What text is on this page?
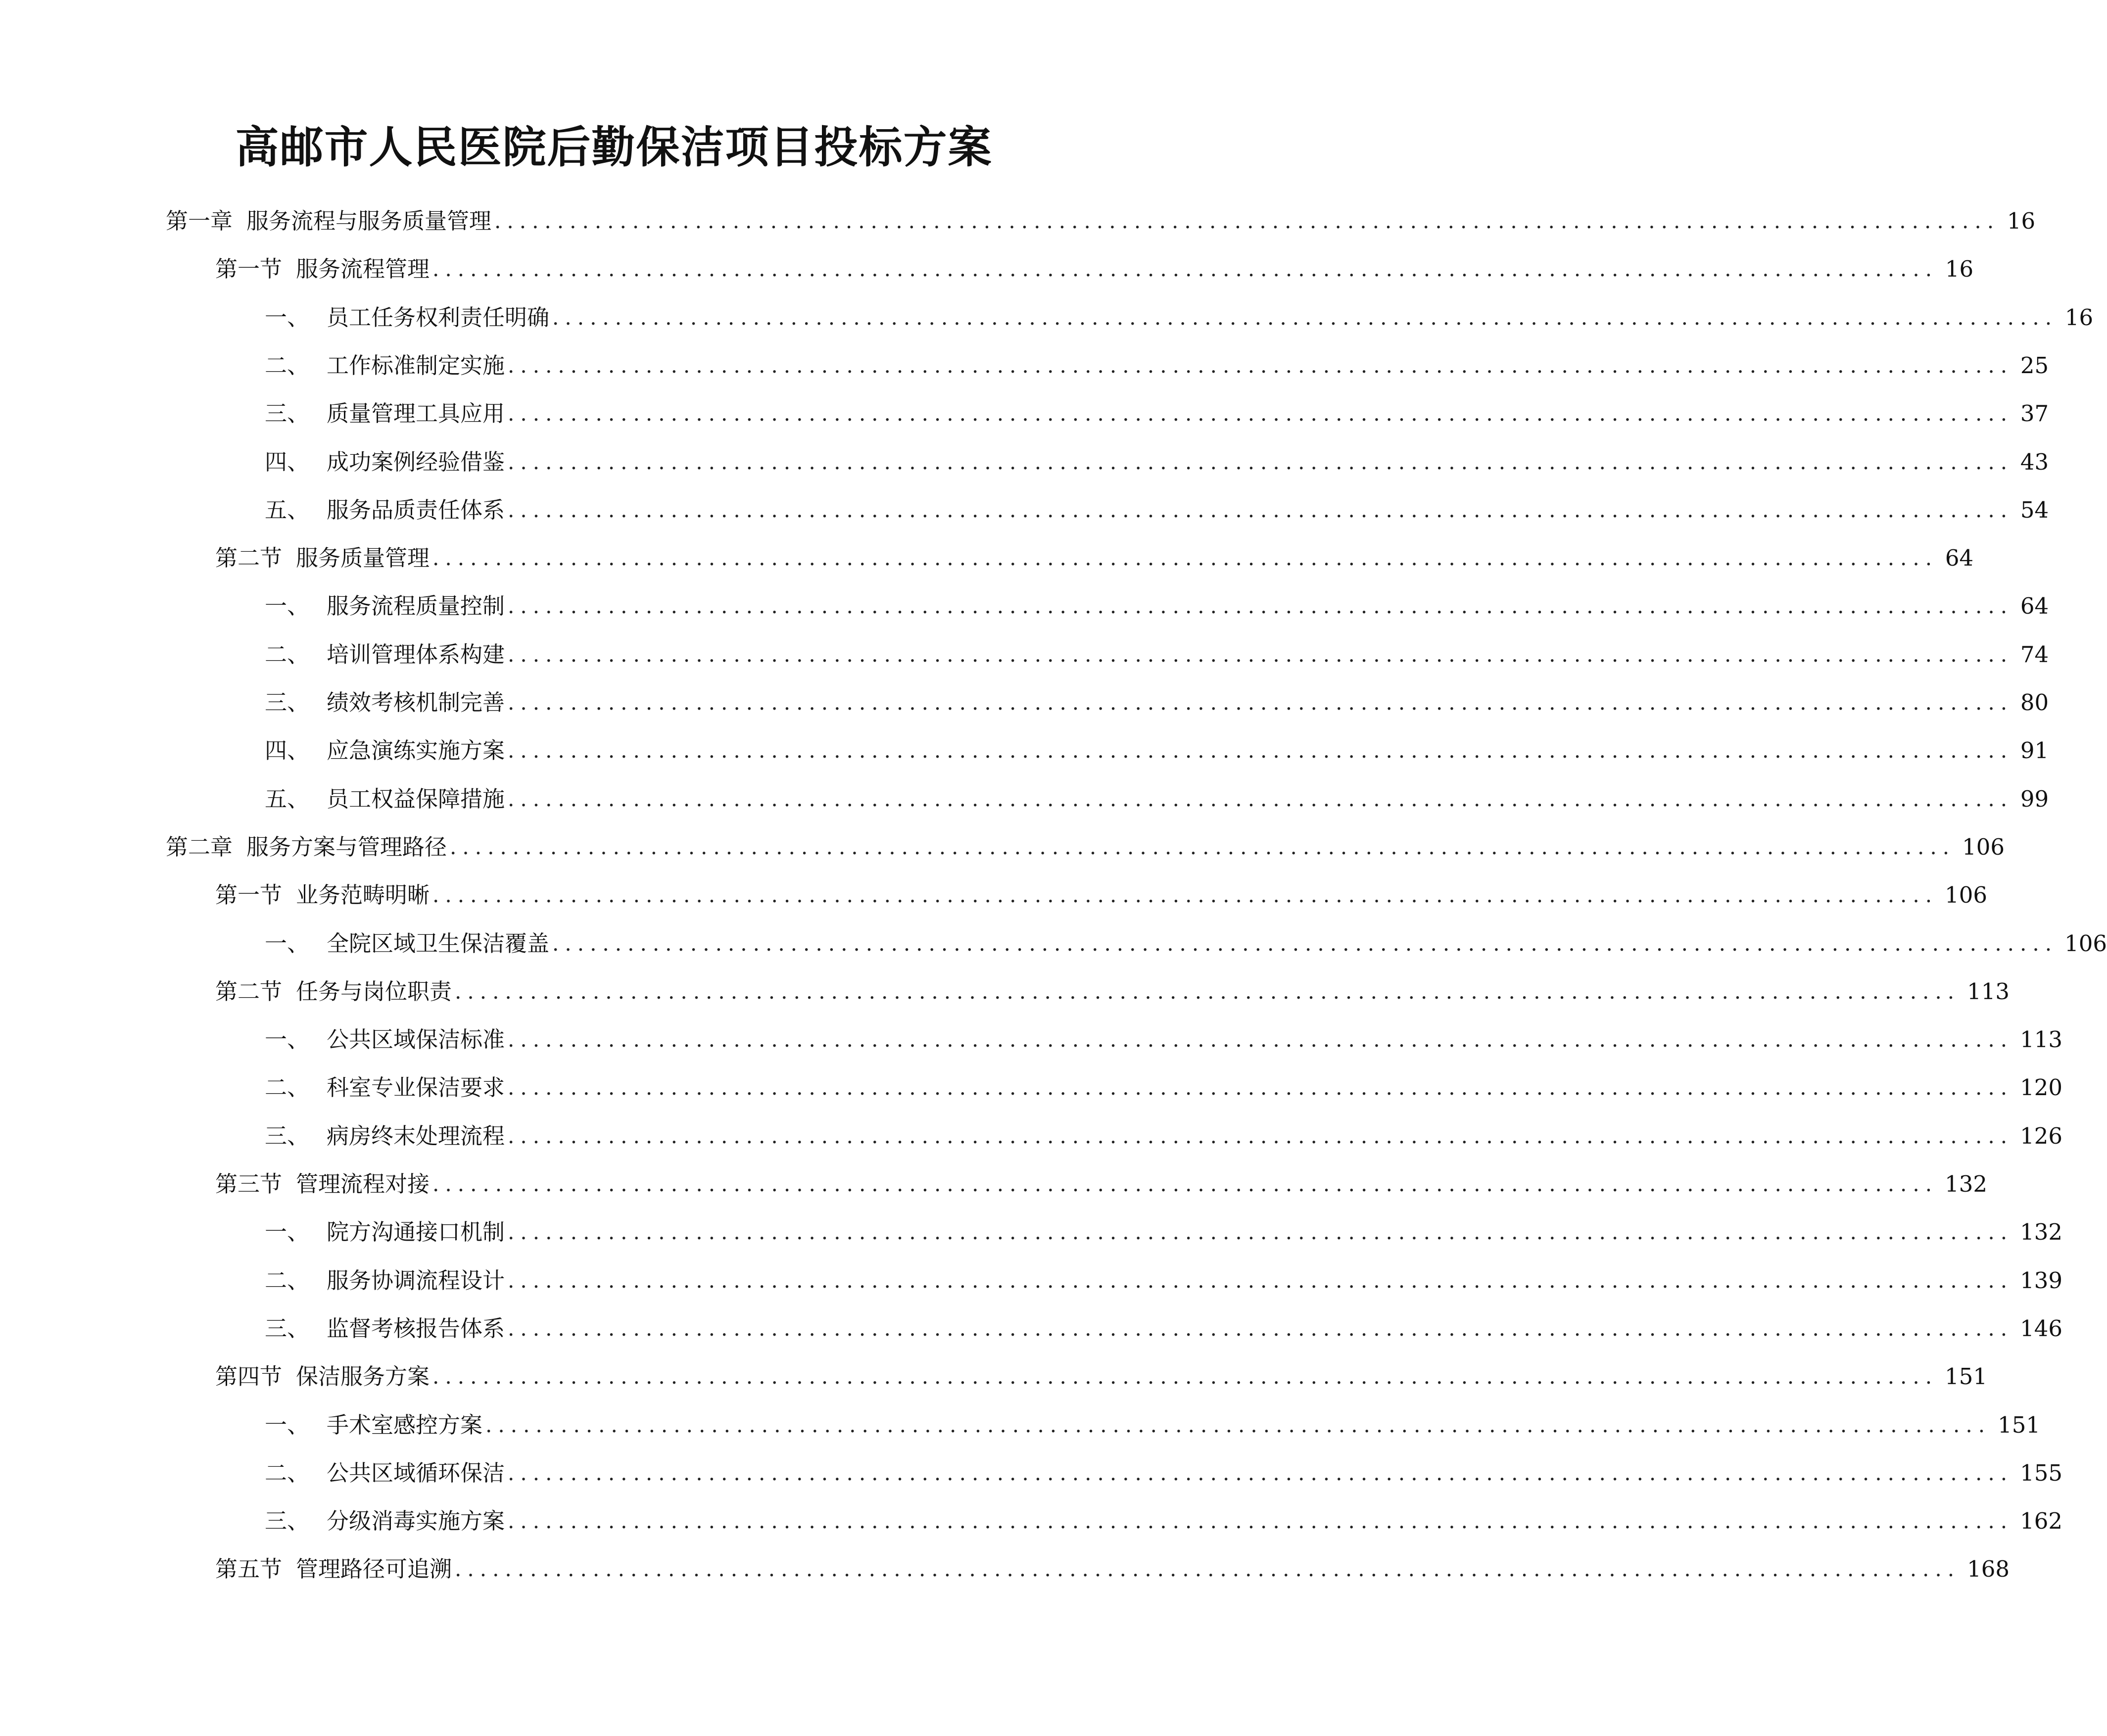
高邮市人民医院后勤保洁项目投标方案
第一章 服务流程与服务质量管理 ........................................................................................................................ 16
第一节 服务流程管理 ........................................................................................................................ 16
一、 员工任务权利责任明确 ........................................................................................................................ 16
二、 工作标准制定实施 ........................................................................................................................ 25
三、 质量管理工具应用 ........................................................................................................................ 37
四、 成功案例经验借鉴 ........................................................................................................................ 43
五、 服务品质责任体系 ........................................................................................................................ 54
第二节 服务质量管理 ........................................................................................................................ 64
一、 服务流程质量控制 ........................................................................................................................ 64
二、 培训管理体系构建 ........................................................................................................................ 74
三、 绩效考核机制完善 ........................................................................................................................ 80
四、 应急演练实施方案 ........................................................................................................................ 91
五、 员工权益保障措施 ........................................................................................................................ 99
第二章 服务方案与管理路径 ........................................................................................................................ 106
第一节 业务范畴明晰 ........................................................................................................................ 106
一、 全院区域卫生保洁覆盖 ........................................................................................................................ 106
第二节 任务与岗位职责 ........................................................................................................................ 113
一、 公共区域保洁标准 ........................................................................................................................ 113
二、 科室专业保洁要求 ........................................................................................................................ 120
三、 病房终末处理流程 ........................................................................................................................ 126
第三节 管理流程对接 ........................................................................................................................ 132
一、 院方沟通接口机制 ........................................................................................................................ 132
二、 服务协调流程设计 ........................................................................................................................ 139
三、 监督考核报告体系 ........................................................................................................................ 146
第四节 保洁服务方案 ........................................................................................................................ 151
一、 手术室感控方案 ........................................................................................................................ 151
二、 公共区域循环保洁 ........................................................................................................................ 155
三、 分级消毒实施方案 ........................................................................................................................ 162
第五节 管理路径可追溯 ........................................................................................................................ 168
